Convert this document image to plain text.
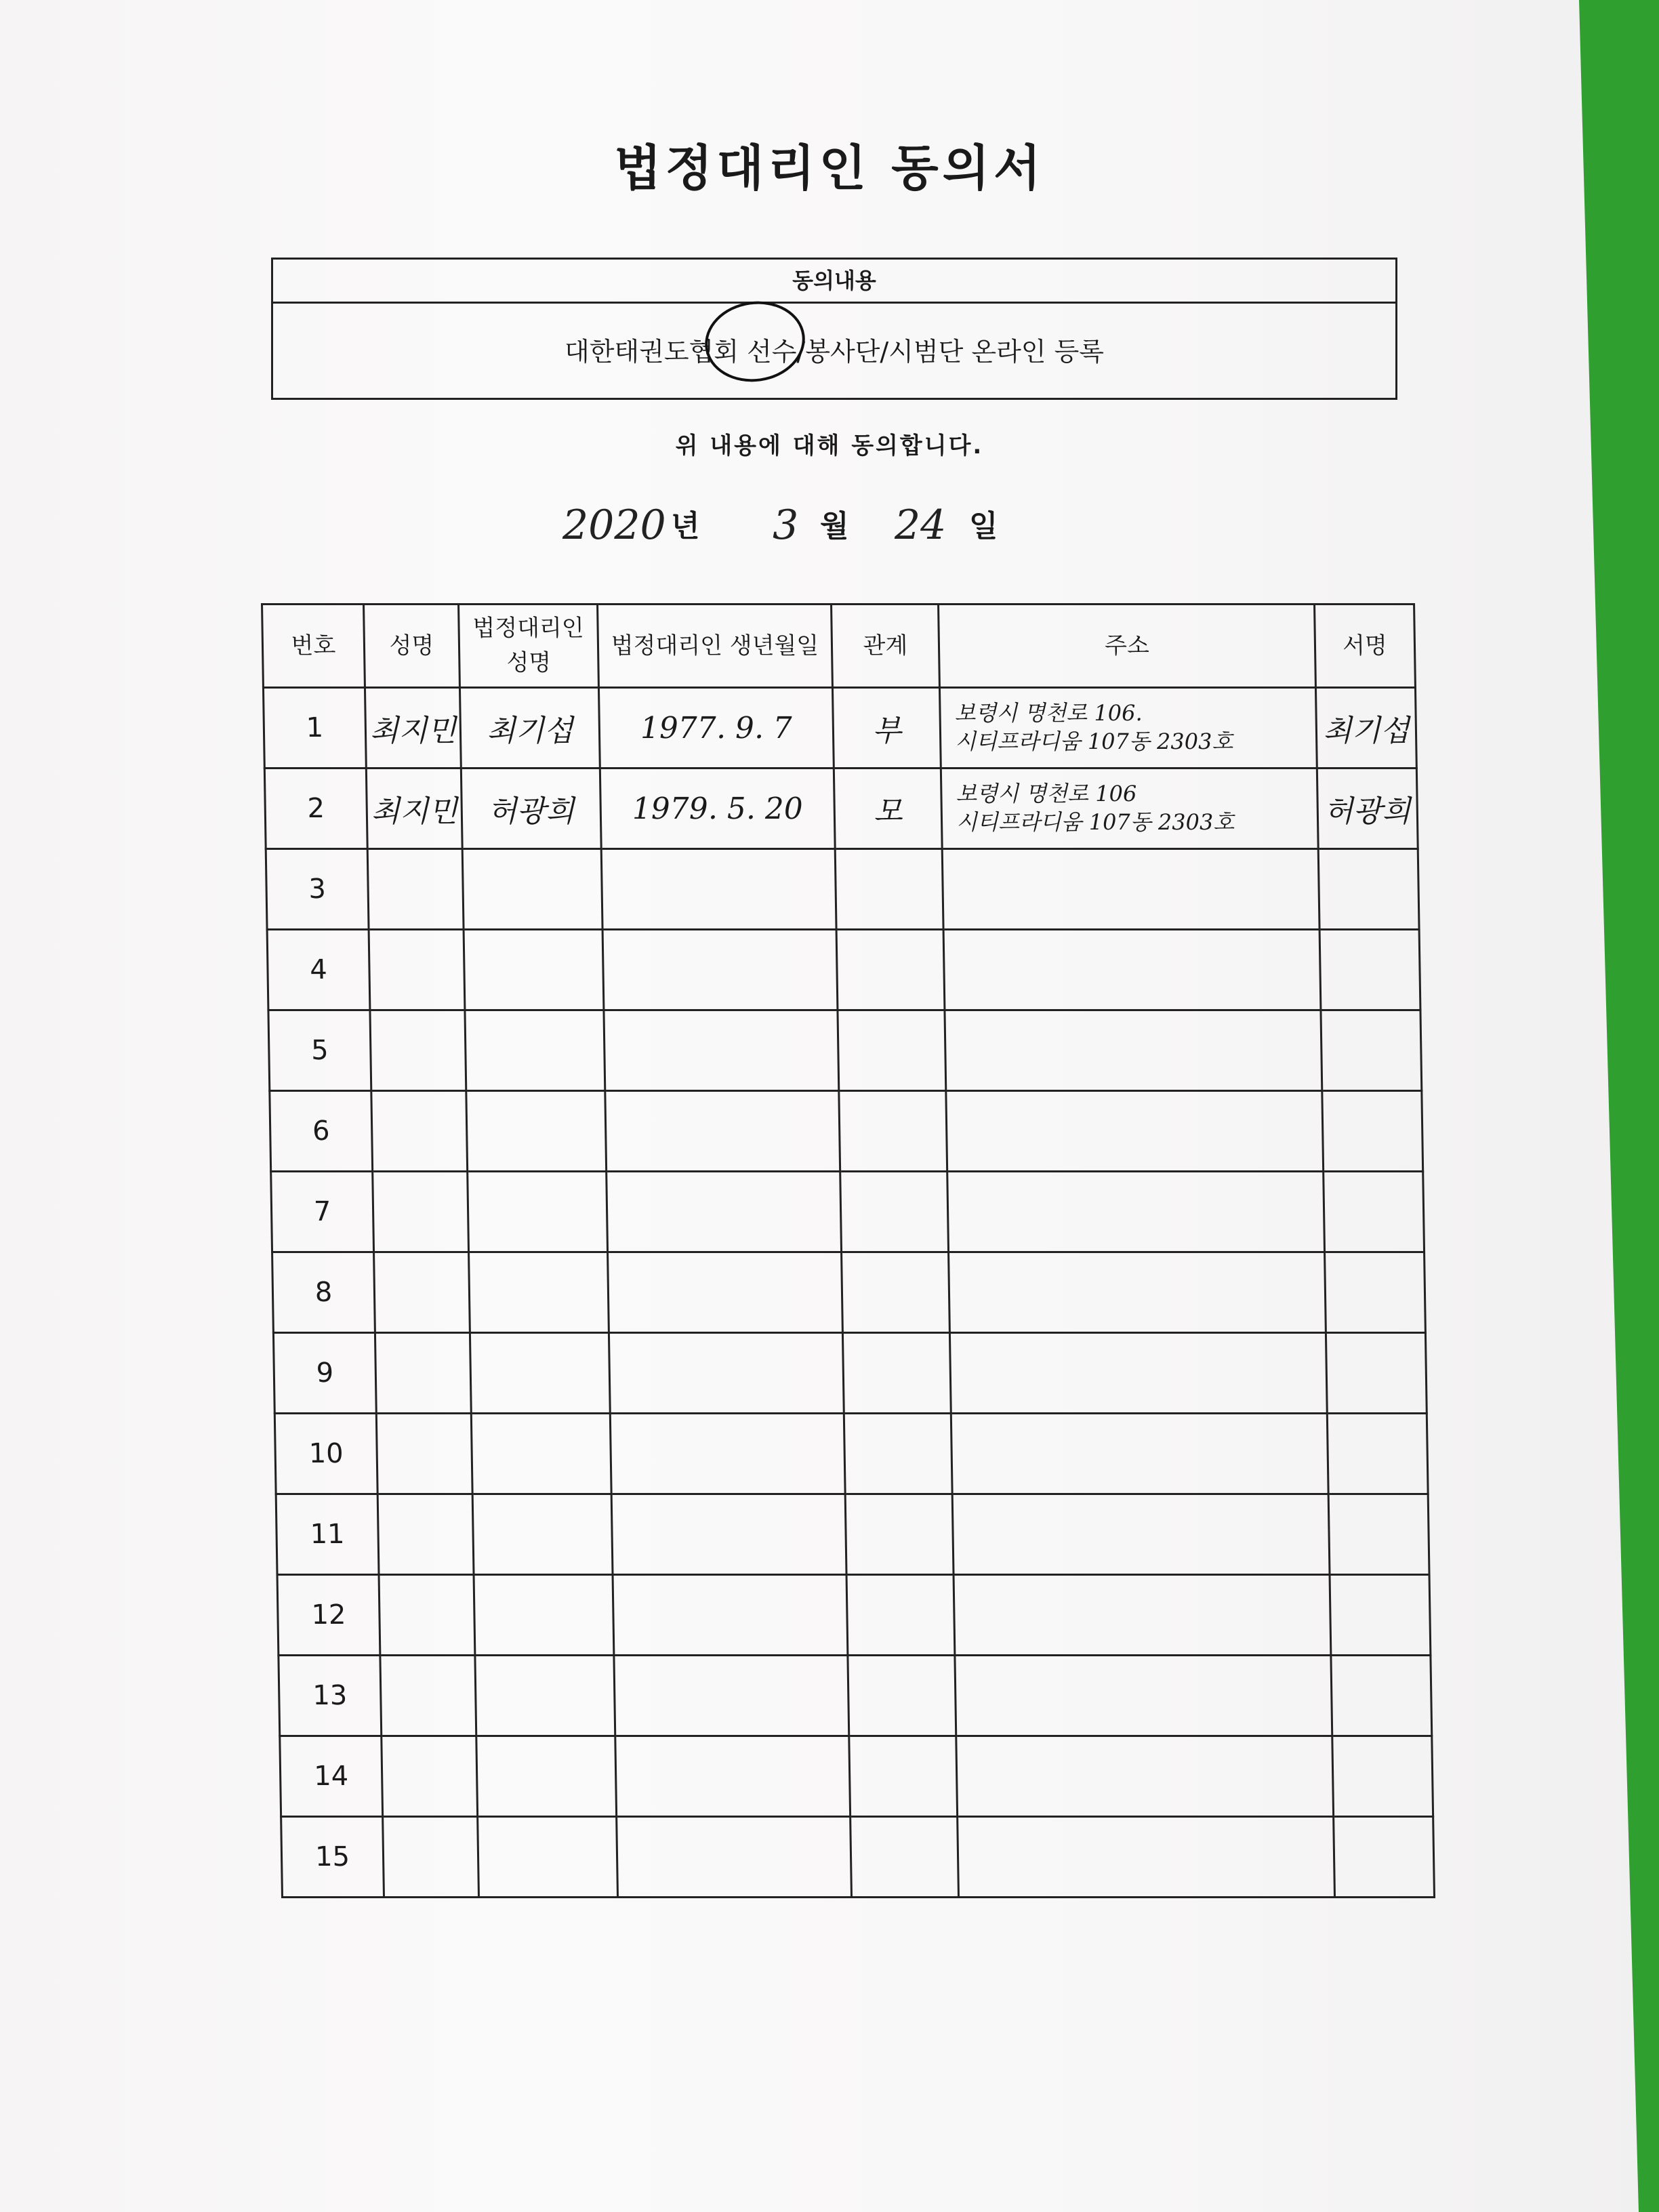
법정대리인 동의서
동의내용
대한태권도협회 선수/봉사단/시범단 온라인 등록
위 내용에 대해 동의합니다.
2020 년 3 월 24 일
번호	성명	법정대리인 성명	법정대리인 생년월일	관계	주소	서명
1	최지민	최기섭	1977. 9. 7	부	보령시 명천로 106.
시티프라디움 107동 2303호	최기섭
2	최지민	허광희	1979. 5. 20	모	보령시 명천로 106
시티프라디움 107동 2303호	허광희
3						
4						
5						
6						
7						
8						
9						
10						
11						
12						
13						
14						
15						
